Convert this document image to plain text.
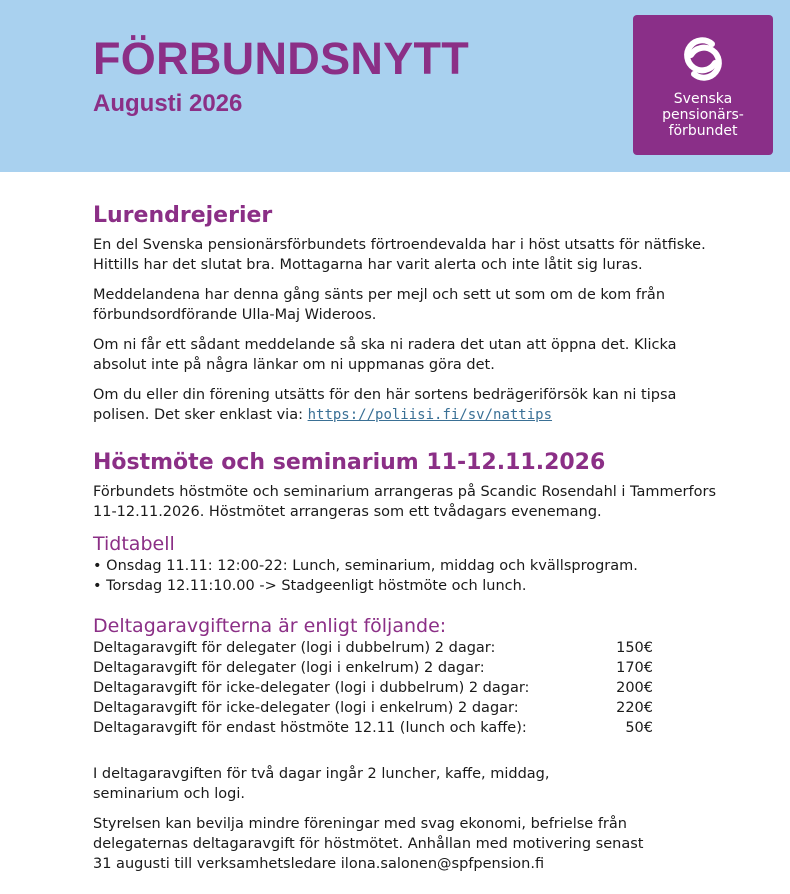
FÖRBUNDSNYTT
Augusti 2026	Svenska
pensionärs-
förbundet
Lurendrejerier

En del Svenska pensionärsförbundets förtroendevalda har i höst utsatts för nätfiske. Hittills har det slutat bra. Mottagarna har varit alerta och inte låtit sig luras.

Meddelandena har denna gång sänts per mejl och sett ut som om de kom från förbundsordförande Ulla-Maj Wideroos.

Om ni får ett sådant meddelande så ska ni radera det utan att öppna det. Klicka absolut inte på några länkar om ni uppmanas göra det.

Om du eller din förening utsätts för den här sortens bedrägeriförsök kan ni tipsa polisen. Det sker enklast via: https://poliisi.fi/sv/nattips

Höstmöte och seminarium 11-12.11.2026

Förbundets höstmöte och seminarium arrangeras på Scandic Rosendahl i Tammerfors 11-12.11.2026. Höstmötet arrangeras som ett tvådagars evenemang.

Tidtabell
• Onsdag 11.11: 12:00-22: Lunch, seminarium, middag och kvällsprogram.
• Torsdag 12.11:10.00 -> Stadgeenligt höstmöte och lunch.
Deltagaravgifterna är enligt följande:
Deltagaravgift för delegater (logi i dubbelrum) 2 dagar:	150€
Deltagaravgift för delegater (logi i enkelrum) 2 dagar:	170€
Deltagaravgift för icke-delegater (logi i dubbelrum) 2 dagar:	200€
Deltagaravgift för icke-delegater (logi i enkelrum) 2 dagar:	220€
Deltagaravgift för endast höstmöte 12.11 (lunch och kaffe):	50€

I deltagaravgiften för två dagar ingår 2 luncher, kaffe, middag, seminarium och logi.

Styrelsen kan bevilja mindre föreningar med svag ekonomi, befrielse från delegaternas deltagaravgift för höstmötet. Anhållan med motivering senast 31 augusti till verksamhetsledare ilona.salonen@spfpension.fi
